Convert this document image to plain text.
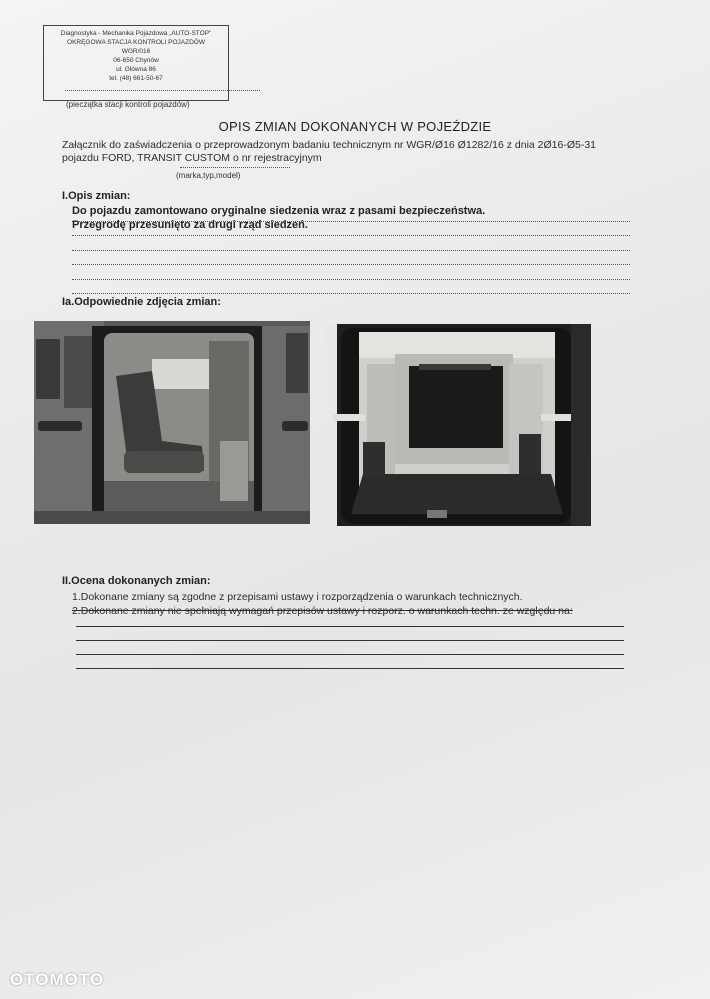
Diagnostyka - Mechanika Pojazdowa „AUTO-STOP”
OKRĘGOWA STACJA KONTROLI POJAZDÓW
WGR/016
06-650 Chynów
ul. Główna 86
tel. (48) 661-50-67
(pieczątka stacji kontroli pojazdów)
OPIS ZMIAN DOKONANYCH W POJEŹDZIE
Załącznik do zaświadczenia o przeprowadzonym badaniu technicznym nr WGR/Ø16 Ø1282/16 z dnia 2Ø16-Ø5-31 pojazdu FORD, TRANSIT CUSTOM o nr rejestracyjnym
(marka,typ,model)
I.Opis zmian:
Do pojazdu zamontowano oryginalne siedzenia wraz z pasami bezpieczeństwa.
Przegrodę przesunięto za drugi rząd siedzeń.
Ia.Odpowiednie zdjęcia zmian:
II.Ocena dokonanych zmian:
1.Dokonane zmiany są zgodne z przepisami ustawy i rozporządzenia o warunkach technicznych.
2.Dokonane zmiany nie spełniają wymagań przepisów ustawy i rozporz. o warunkach techn. ze względu na:
OTOMOTO
